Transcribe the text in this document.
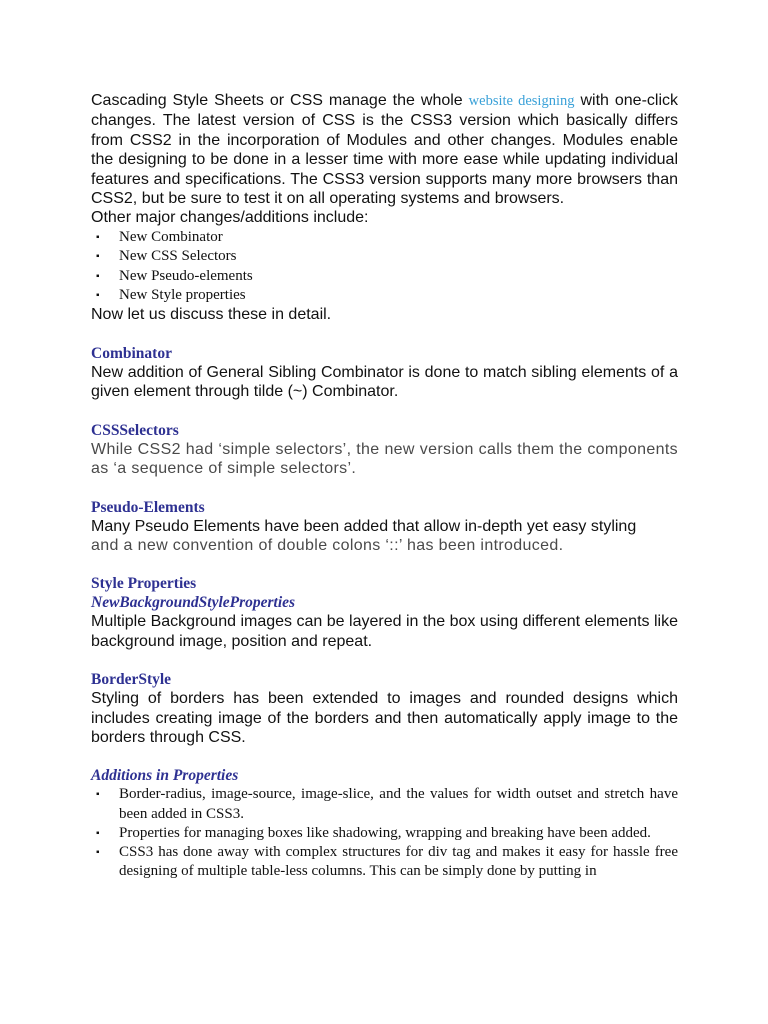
Cascading Style Sheets or CSS manage the whole website designing with one-click changes. The latest version of CSS is the CSS3 version which basically differs from CSS2 in the incorporation of Modules and other changes. Modules enable the designing to be done in a lesser time with more ease while updating individual features and specifications. The CSS3 version supports many more browsers than CSS2, but be sure to test it on all operating systems and browsers.

Other major changes/additions include:

▪ New Combinator
▪ New CSS Selectors
▪ New Pseudo-elements
▪ New Style properties

Now let us discuss these in detail.

Combinator

New addition of General Sibling Combinator is done to match sibling elements of a given element through tilde (~) Combinator.

CSSSelectors

While CSS2 had ‘simple selectors’, the new version calls them the components as ‘a sequence of simple selectors’.

Pseudo-Elements

Many Pseudo Elements have been added that allow in-depth yet easy styling

and a new convention of double colons ‘::’ has been introduced.

Style Properties

NewBackgroundStyleProperties

Multiple Background images can be layered in the box using different elements like background image, position and repeat.

BorderStyle

Styling of borders has been extended to images and rounded designs which includes creating image of the borders and then automatically apply image to the borders through CSS.

Additions in Properties

▪ Border-radius, image-source, image-slice, and the values for width outset and stretch have been added in CSS3.
▪ Properties for managing boxes like shadowing, wrapping and breaking have been added.
▪ CSS3 has done away with complex structures for div tag and makes it easy for hassle free designing of multiple table-less columns. This can be simply done by putting in
